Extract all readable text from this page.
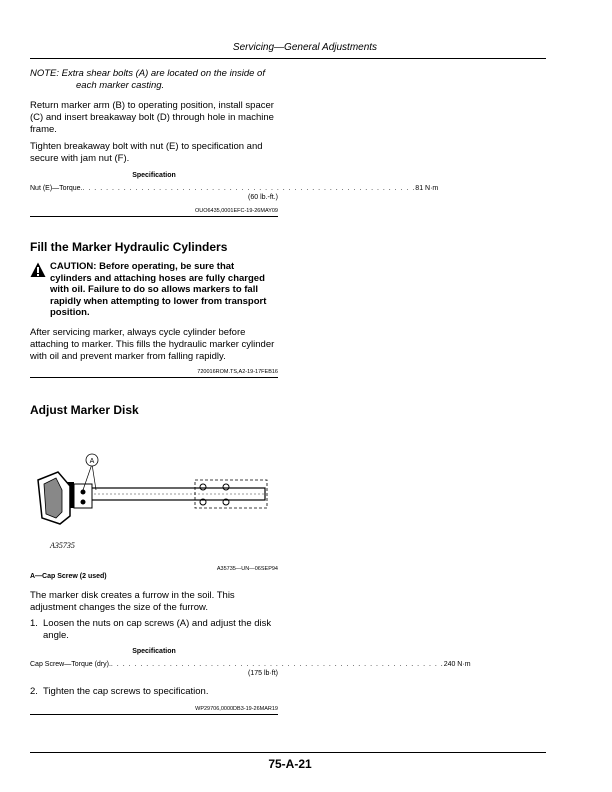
Servicing—General Adjustments
NOTE: Extra shear bolts (A) are located on the inside of
each marker casting.
Return marker arm (B) to operating position, install spacer (C) and insert breakaway bolt (D) through hole in machine frame.
Tighten breakaway bolt with nut (E) to specification and secure with jam nut (F).
Specification
Nut (E)—Torque. . . . . . . . . . . . . . . . . . . . . . . . . . . . . . . . . . . . . . . . . . . . . . . . . . . . . . . . . . 81 N·m
(60 lb.-ft.)
OUO6435,0001EFC-19-26MAY09
Fill the Marker Hydraulic Cylinders
CAUTION: Before operating, be sure that cylinders and attaching hoses are fully charged with oil. Failure to do so allows markers to fall rapidly when attempting to lower from transport position.
After servicing marker, always cycle cylinder before attaching to marker. This fills the hydraulic marker cylinder with oil and prevent marker from falling rapidly.
720016ROM.TS,A2-19-17FEB16
Adjust Marker Disk
A
A35735
A35735—UN—06SEP94
A—Cap Screw (2 used)
The marker disk creates a furrow in the soil. This adjustment changes the size of the furrow.
1. Loosen the nuts on cap screws (A) and adjust the disk angle.
Specification
Cap Screw—Torque (dry). . . . . . . . . . . . . . . . . . . . . . . . . . . . . . . . . . . . . . . . . . . . . . . . . . . . . . . . . . 240 N·m
(175 lb·ft)
2. Tighten the cap screws to specification.
WP29706,0000DB3-19-26MAR19
75-A-21
